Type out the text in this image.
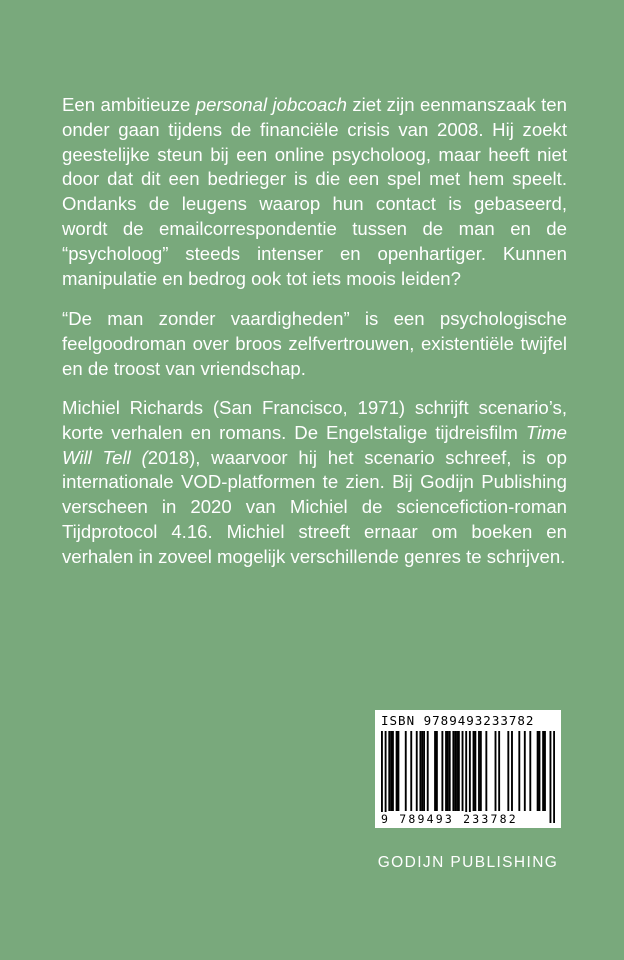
Een ambitieuze personal jobcoach ziet zijn eenmanszaak ten onder gaan tijdens de financiële crisis van 2008. Hij zoekt geestelijke steun bij een online psycholoog, maar heeft niet door dat dit een bedrieger is die een spel met hem speelt. Ondanks de leugens waarop hun contact is gebaseerd, wordt de emailcorrespondentie tussen de man en de “psycholoog” steeds intenser en openhartiger. Kunnen manipulatie en bedrog ook tot iets moois leiden?

“De man zonder vaardigheden” is een psychologische feelgoodroman over broos zelfvertrouwen, existentiële twijfel en de troost van vriendschap.

Michiel Richards (San Francisco, 1971) schrijft scenario’s, korte verhalen en romans. De Engelstalige tijdreisfilm Time Will Tell (2018), waarvoor hij het scenario schreef, is op internationale VOD-platformen te zien. Bij Godijn Publishing verscheen in 2020 van Michiel de sciencefiction-roman Tijdprotocol 4.16. Michiel streeft ernaar om boeken en verhalen in zoveel mogelijk verschillende genres te schrijven.

ISBN 9789493233782
9 789493 233782
GODIJN PUBLISHING
